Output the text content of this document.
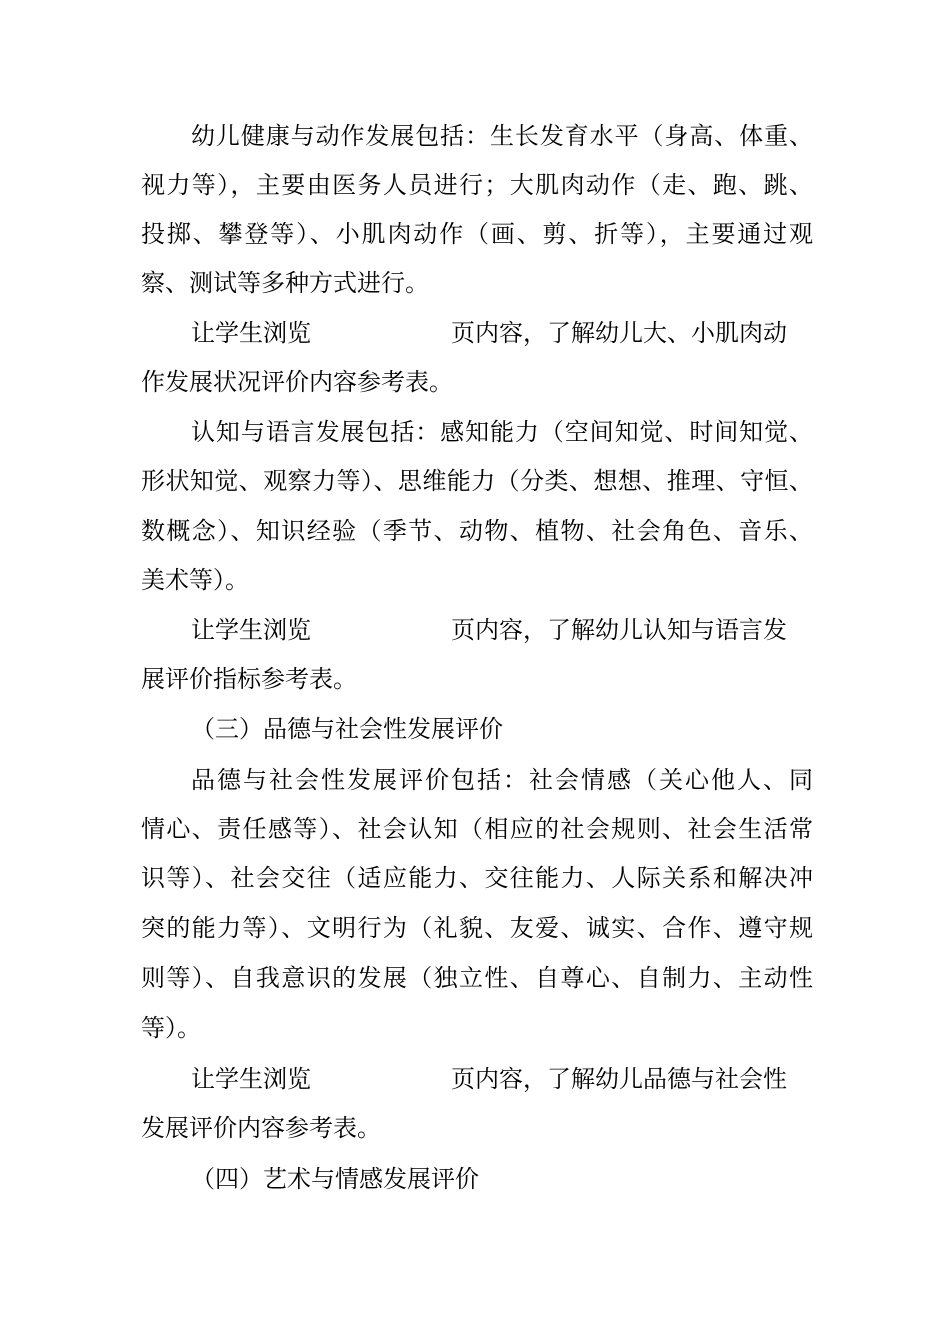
幼儿健康与动作发展包括：生长发育水平（身高、体重、
视力等），主要由医务人员进行；大肌肉动作（走、跑、跳、
投掷、攀登等）、小肌肉动作（画、剪、折等），主要通过观
察、测试等多种方式进行。
让学生浏览	页内容，了解幼儿大、小肌肉动
作发展状况评价内容参考表。
认知与语言发展包括：感知能力（空间知觉、时间知觉、
形状知觉、观察力等）、思维能力（分类、想想、推理、守恒、
数概念）、知识经验（季节、动物、植物、社会角色、音乐、
美术等）。
让学生浏览	页内容，了解幼儿认知与语言发
展评价指标参考表。
（三）品德与社会性发展评价
品德与社会性发展评价包括：社会情感（关心他人、同
情心、责任感等）、社会认知（相应的社会规则、社会生活常
识等）、社会交往（适应能力、交往能力、人际关系和解决冲
突的能力等）、文明行为（礼貌、友爱、诚实、合作、遵守规
则等）、自我意识的发展（独立性、自尊心、自制力、主动性
等）。
让学生浏览	页内容，了解幼儿品德与社会性
发展评价内容参考表。
（四）艺术与情感发展评价
